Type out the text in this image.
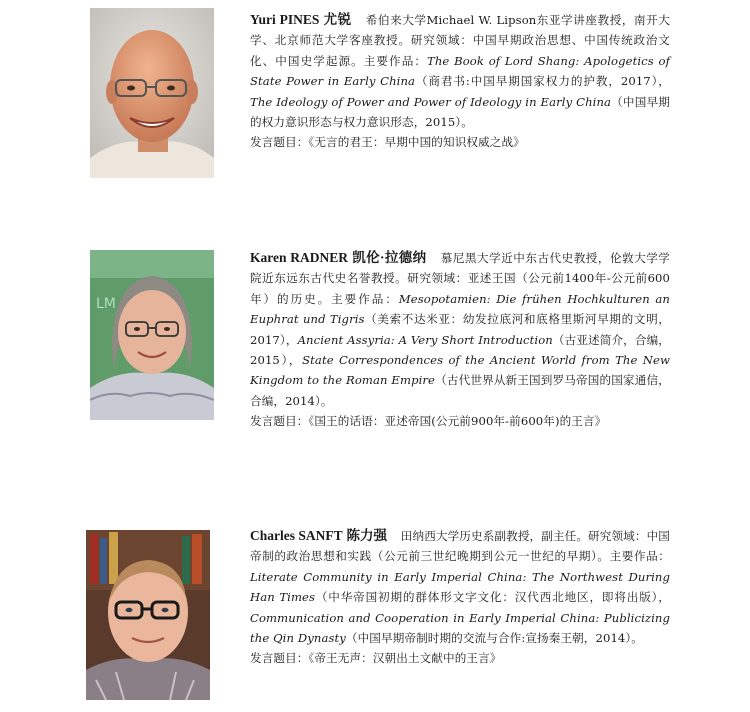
Yuri PINES 尤锐 希伯来大学Michael W. Lipson东亚学讲座教授，南开大学、北京师范大学客座教授。研究领域：中国早期政治思想、中国传统政治文化、中国史学起源。主要作品：The Book of Lord Shang: Apologetics of State Power in Early China（商君书:中国早期国家权力的护教，2017），The Ideology of Power and Power of Ideology in Early China（中国早期的权力意识形态与权力意识形态，2015）。
发言题目：《无言的君王：早期中国的知识权威之战》
LM
Karen RADNER 凯伦·拉德纳 慕尼黑大学近中东古代史教授，伦敦大学学院近东远东古代史名誉教授。研究领域：亚述王国（公元前1400年-公元前600年）的历史。主要作品：Mesopotamien: Die frühen Hochkulturen an Euphrat und Tigris（美索不达米亚：幼发拉底河和底格里斯河早期的文明，2017），Ancient Assyria: A Very Short Introduction（古亚述简介，合编，2015），State Correspondences of the Ancient World from The New Kingdom to the Roman Empire（古代世界从新王国到罗马帝国的国家通信，合编，2014）。
发言题目：《国王的话语：亚述帝国(公元前900年-前600年)的王言》
Charles SANFT 陈力强 田纳西大学历史系副教授，副主任。研究领域：中国帝制的政治思想和实践（公元前三世纪晚期到公元一世纪的早期）。主要作品：Literate Community in Early Imperial China: The Northwest During Han Times（中华帝国初期的群体形文字文化：汉代西北地区，即将出版），Communication and Cooperation in Early Imperial China: Publicizing the Qin Dynasty（中国早期帝制时期的交流与合作:宣扬秦王朝，2014）。
发言题目：《帝王无声：汉朝出土文献中的王言》
